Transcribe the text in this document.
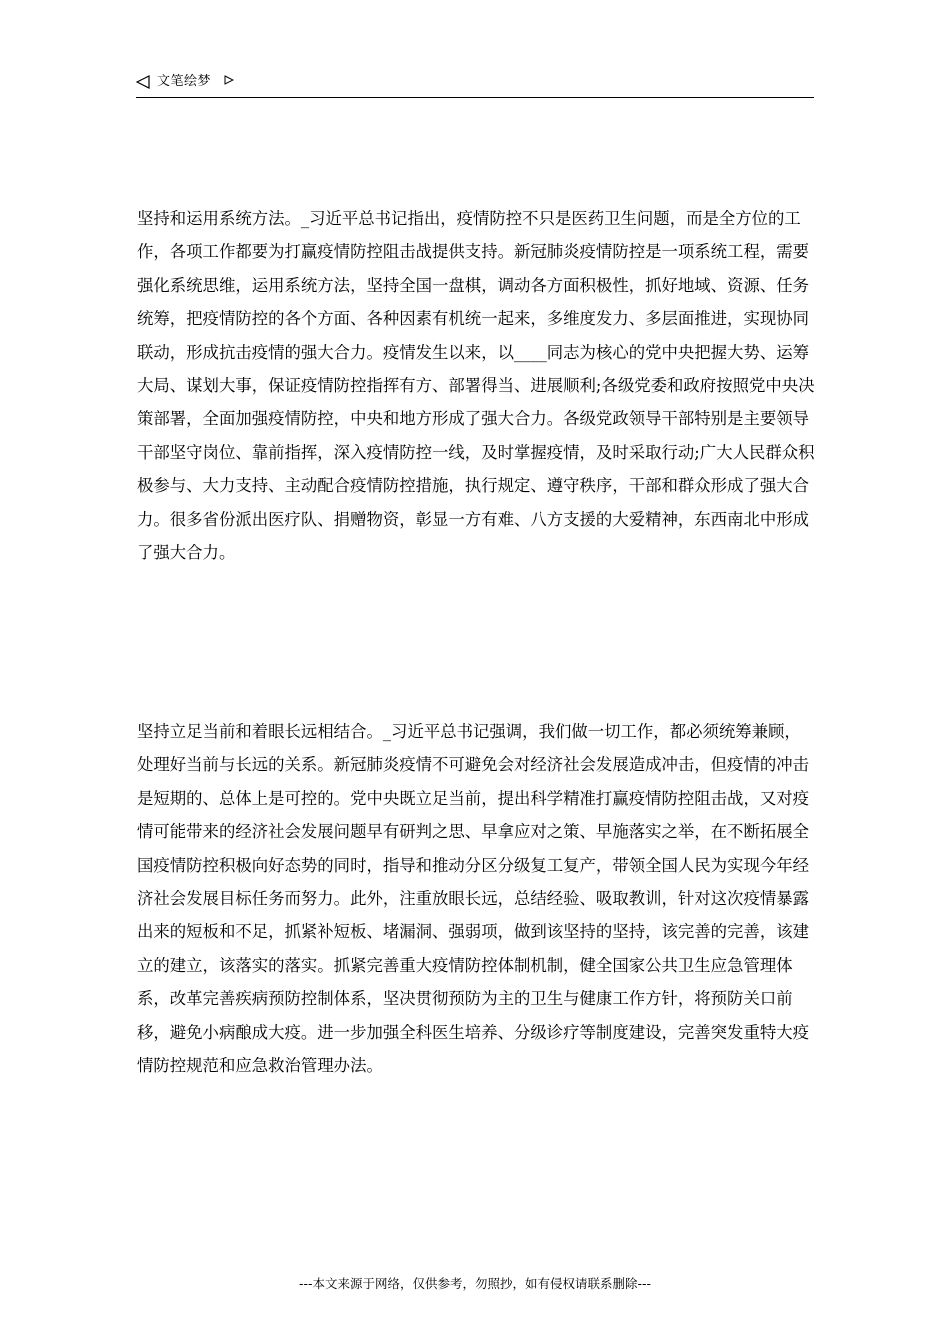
文笔绘梦

坚持和运用系统方法。_习近平总书记指出，疫情防控不只是医药卫生问题，而是全方位的工作，各项工作都要为打赢疫情防控阻击战提供支持。新冠肺炎疫情防控是一项系统工程，需要强化系统思维，运用系统方法，坚持全国一盘棋，调动各方面积极性，抓好地域、资源、任务统筹，把疫情防控的各个方面、各种因素有机统一起来，多维度发力、多层面推进，实现协同联动，形成抗击疫情的强大合力。疫情发生以来，以____同志为核心的党中央把握大势、运筹大局、谋划大事，保证疫情防控指挥有方、部署得当、进展顺利;各级党委和政府按照党中央决策部署，全面加强疫情防控，中央和地方形成了强大合力。各级党政领导干部特别是主要领导干部坚守岗位、靠前指挥，深入疫情防控一线，及时掌握疫情，及时采取行动;广大人民群众积极参与、大力支持、主动配合疫情防控措施，执行规定、遵守秩序，干部和群众形成了强大合力。很多省份派出医疗队、捐赠物资，彰显一方有难、八方支援的大爱精神，东西南北中形成了强大合力。

坚持立足当前和着眼长远相结合。_习近平总书记强调，我们做一切工作，都必须统筹兼顾，处理好当前与长远的关系。新冠肺炎疫情不可避免会对经济社会发展造成冲击，但疫情的冲击是短期的、总体上是可控的。党中央既立足当前，提出科学精准打赢疫情防控阻击战，又对疫情可能带来的经济社会发展问题早有研判之思、早拿应对之策、早施落实之举，在不断拓展全国疫情防控积极向好态势的同时，指导和推动分区分级复工复产，带领全国人民为实现今年经济社会发展目标任务而努力。此外，注重放眼长远，总结经验、吸取教训，针对这次疫情暴露出来的短板和不足，抓紧补短板、堵漏洞、强弱项，做到该坚持的坚持，该完善的完善，该建立的建立，该落实的落实。抓紧完善重大疫情防控体制机制，健全国家公共卫生应急管理体系，改革完善疾病预防控制体系，坚决贯彻预防为主的卫生与健康工作方针，将预防关口前移，避免小病酿成大疫。进一步加强全科医生培养、分级诊疗等制度建设，完善突发重特大疫情防控规范和应急救治管理办法。

---本文来源于网络，仅供参考，勿照抄，如有侵权请联系删除---
